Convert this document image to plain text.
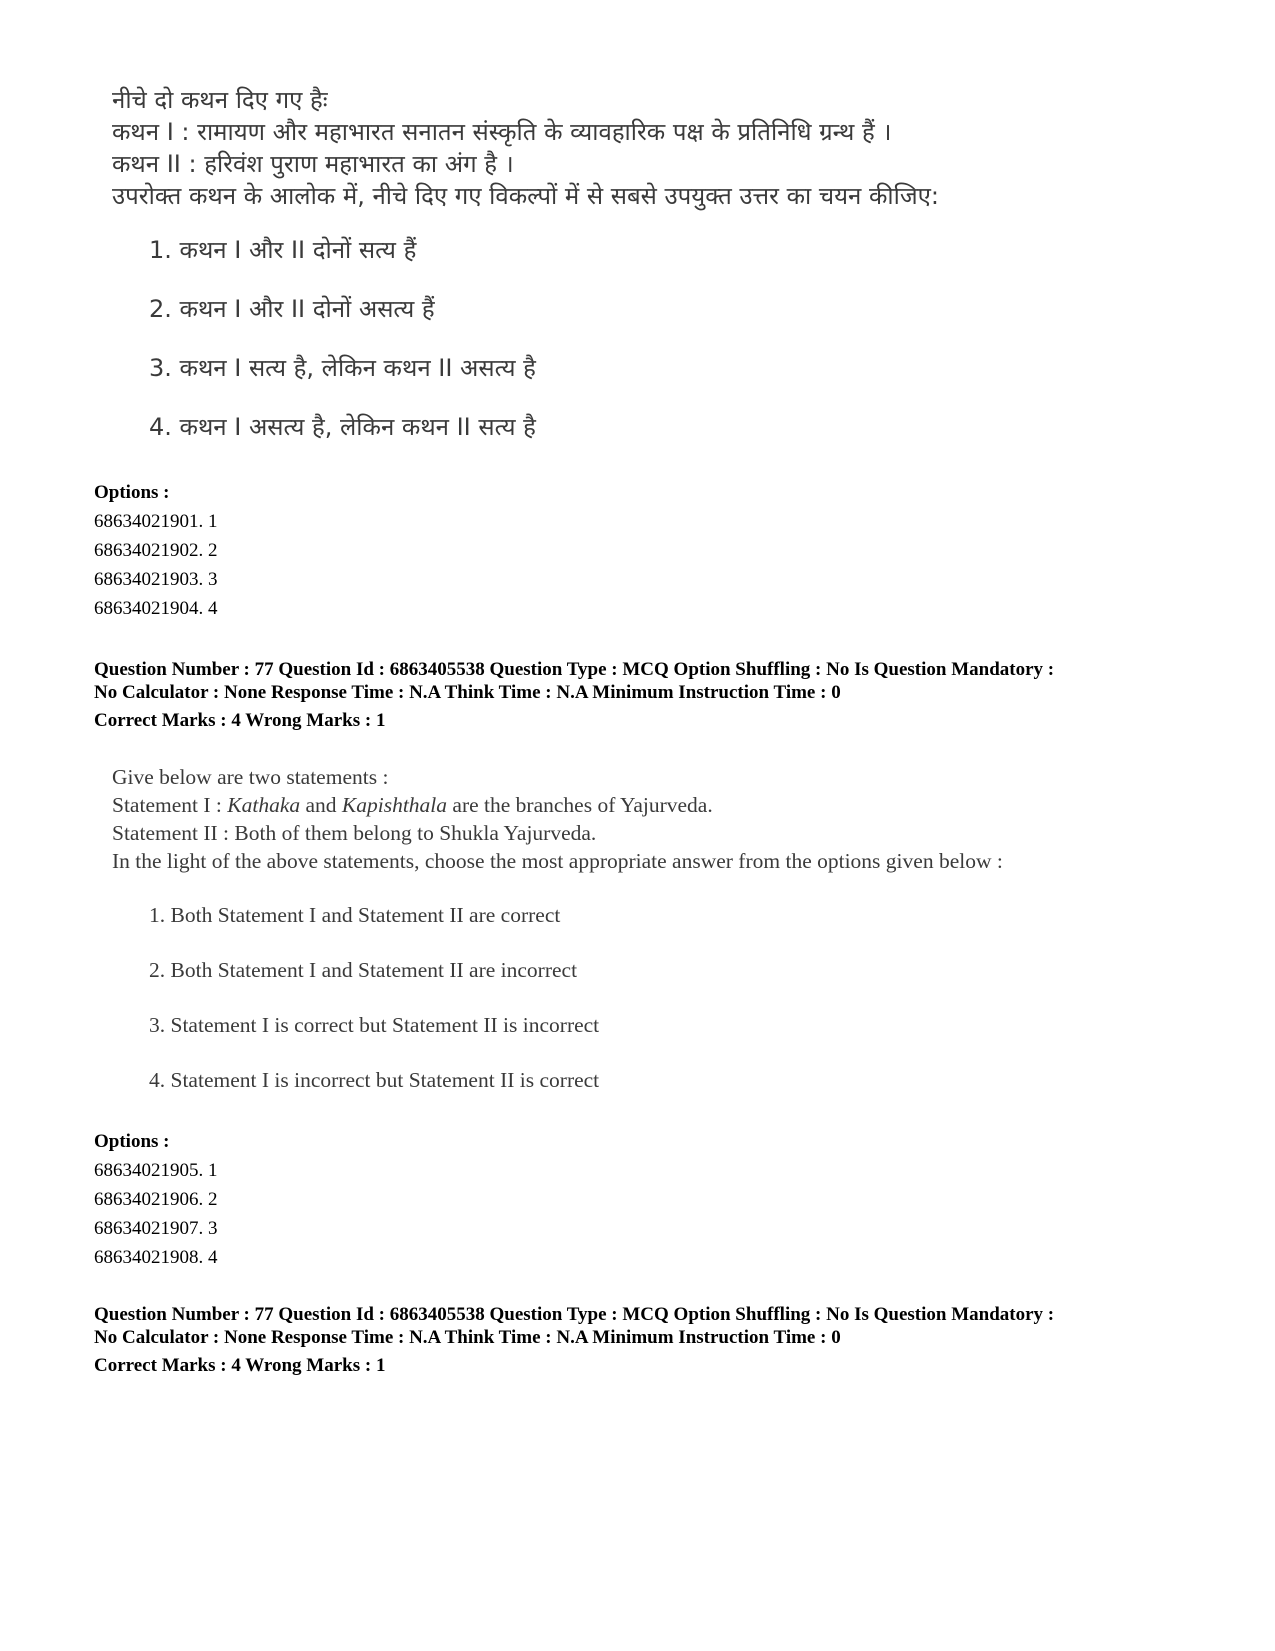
नीचे दो कथन दिए गए हैः
कथन I : रामायण और महाभारत सनातन संस्कृति के व्यावहारिक पक्ष के प्रतिनिधि ग्रन्थ हैं ।
कथन II : हरिवंश पुराण महाभारत का अंग है ।
उपरोक्त कथन के आलोक में, नीचे दिए गए विकल्पों में से सबसे उपयुक्त उत्तर का चयन कीजिए:
1. कथन I और II दोनों सत्य हैं
2. कथन I और II दोनों असत्य हैं
3. कथन I सत्य है, लेकिन कथन II असत्य है
4. कथन I असत्य है, लेकिन कथन II सत्य है
Options :
68634021901. 1
68634021902. 2
68634021903. 3
68634021904. 4
Question Number : 77 Question Id : 6863405538 Question Type : MCQ Option Shuffling : No Is Question Mandatory :
No Calculator : None Response Time : N.A Think Time : N.A Minimum Instruction Time : 0
Correct Marks : 4 Wrong Marks : 1
Give below are two statements :
Statement I : Kathaka and Kapishthala are the branches of Yajurveda.
Statement II : Both of them belong to Shukla Yajurveda.
In the light of the above statements, choose the most appropriate answer from the options given below :
1. Both Statement I and Statement II are correct
2. Both Statement I and Statement II are incorrect
3. Statement I is correct but Statement II is incorrect
4. Statement I is incorrect but Statement II is correct
Options :
68634021905. 1
68634021906. 2
68634021907. 3
68634021908. 4
Question Number : 77 Question Id : 6863405538 Question Type : MCQ Option Shuffling : No Is Question Mandatory :
No Calculator : None Response Time : N.A Think Time : N.A Minimum Instruction Time : 0
Correct Marks : 4 Wrong Marks : 1
